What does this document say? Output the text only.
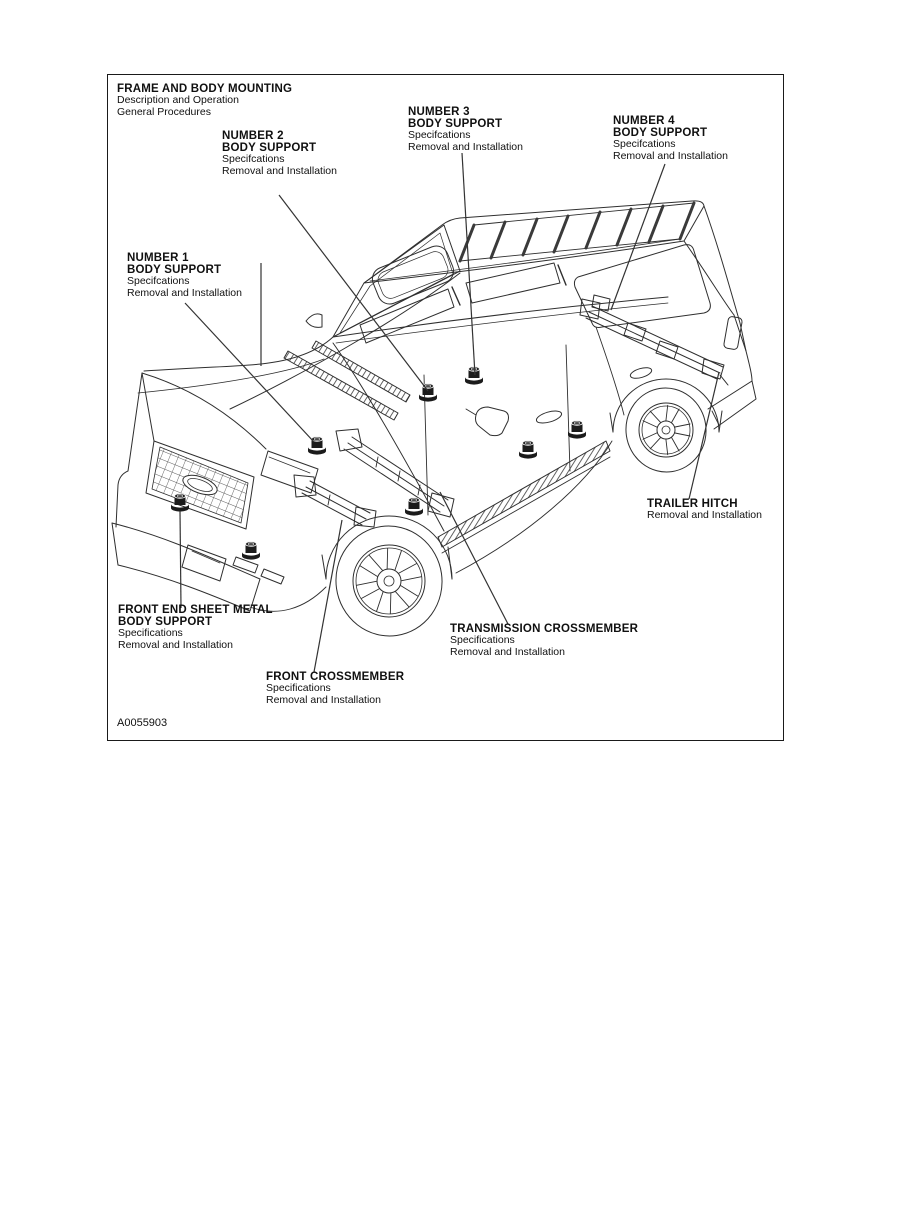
FRAME AND BODY MOUNTING
Description and Operation
General Procedures
NUMBER 1
BODY SUPPORT
Specifcations
Removal and Installation
NUMBER 2
BODY SUPPORT
Specifcations
Removal and Installation
NUMBER 3
BODY SUPPORT
Specifcations
Removal and Installation
NUMBER 4
BODY SUPPORT
Specifcations
Removal and Installation
FRONT END SHEET METAL
BODY SUPPORT
Specifications
Removal and Installation
FRONT CROSSMEMBER
Specifications
Removal and Installation
TRANSMISSION CROSSMEMBER
Specifications
Removal and Installation
TRAILER HITCH
Removal and Installation
A0055903
